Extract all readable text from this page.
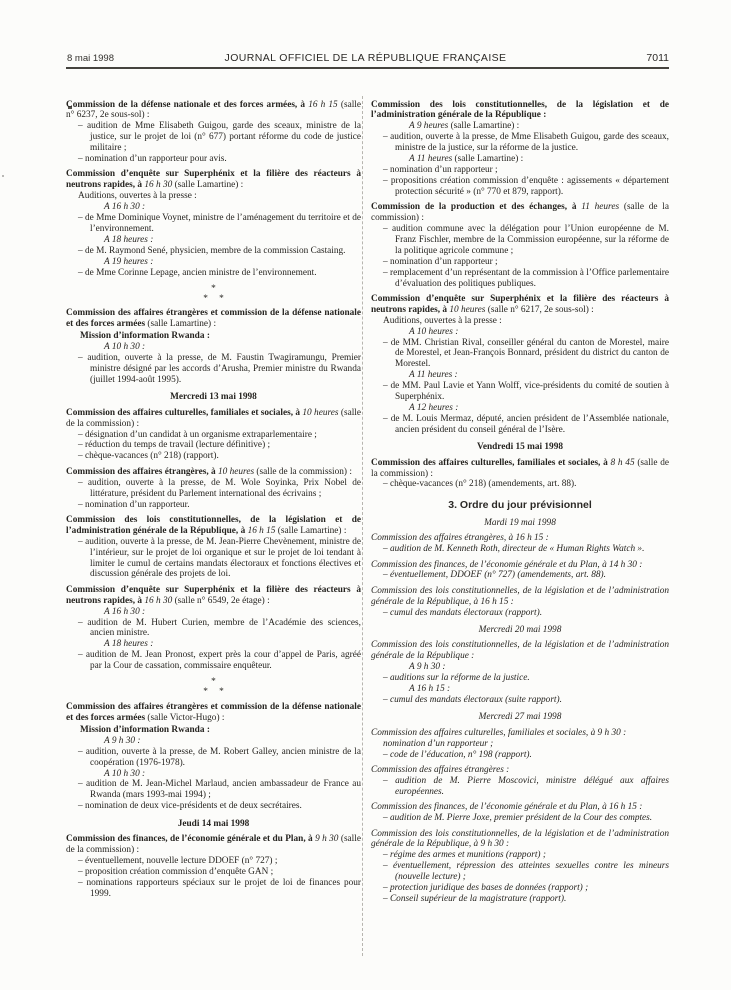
8 mai 1998	JOURNAL OFFICIEL DE LA RÉPUBLIQUE FRANÇAISE	7011
Commission de la défense nationale et des forces armées, à 16 h 15 (salle n° 6237, 2e sous-sol) :
– audition de Mme Elisabeth Guigou, garde des sceaux, ministre de la justice, sur le projet de loi (n° 677) portant réforme du code de justice militaire ;
– nomination d’un rapporteur pour avis.
Commission d’enquête sur Superphénix et la filière des réacteurs à neutrons rapides, à 16 h 30 (salle Lamartine) :
Auditions, ouvertes à la presse :
A 16 h 30 :
– de Mme Dominique Voynet, ministre de l’aménagement du territoire et de l’environnement.
A 18 heures :
– de M. Raymond Sené, physicien, membre de la commission Castaing.
A 19 heures :
– de Mme Corinne Lepage, ancien ministre de l’environnement.
*
* *
Commission des affaires étrangères et commission de la défense nationale et des forces armées (salle Lamartine) :
Mission d’information Rwanda :
A 10 h 30 :
– audition, ouverte à la presse, de M. Faustin Twagiramungu, Premier ministre désigné par les accords d’Arusha, Premier ministre du Rwanda (juillet 1994-août 1995).
Mercredi 13 mai 1998
Commission des affaires culturelles, familiales et sociales, à 10 heures (salle de la commission) :
– désignation d’un candidat à un organisme extraparlementaire ;
– réduction du temps de travail (lecture définitive) ;
– chèque-vacances (n° 218) (rapport).
Commission des affaires étrangères, à 10 heures (salle de la commission) :
– audition, ouverte à la presse, de M. Wole Soyinka, Prix Nobel de littérature, président du Parlement international des écrivains ;
– nomination d’un rapporteur.
Commission des lois constitutionnelles, de la législation et de l’administration générale de la République, à 16 h 15 (salle Lamartine) :
– audition, ouverte à la presse, de M. Jean-Pierre Chevènement, ministre de l’intérieur, sur le projet de loi organique et sur le projet de loi tendant à limiter le cumul de certains mandats électoraux et fonctions électives et discussion générale des projets de loi.
Commission d’enquête sur Superphénix et la filière des réacteurs à neutrons rapides, à 16 h 30 (salle n° 6549, 2e étage) :
A 16 h 30 :
– audition de M. Hubert Curien, membre de l’Académie des sciences, ancien ministre.
A 18 heures :
– audition de M. Jean Pronost, expert près la cour d’appel de Paris, agréé par la Cour de cassation, commissaire enquêteur.
*
* *
Commission des affaires étrangères et commission de la défense nationale et des forces armées (salle Victor-Hugo) :
Mission d’information Rwanda :
A 9 h 30 :
– audition, ouverte à la presse, de M. Robert Galley, ancien ministre de la coopération (1976-1978).
A 10 h 30 :
– audition de M. Jean-Michel Marlaud, ancien ambassadeur de France au Rwanda (mars 1993-mai 1994) ;
– nomination de deux vice-présidents et de deux secrétaires.
Jeudi 14 mai 1998
Commission des finances, de l’économie générale et du Plan, à 9 h 30 (salle de la commission) :
– éventuellement, nouvelle lecture DDOEF (n° 727) ;
– proposition création commission d’enquête GAN ;
– nominations rapporteurs spéciaux sur le projet de loi de finances pour 1999.
Commission des lois constitutionnelles, de la législation et de l’administration générale de la République :
A 9 heures (salle Lamartine) :
– audition, ouverte à la presse, de Mme Elisabeth Guigou, garde des sceaux, ministre de la justice, sur la réforme de la justice.
A 11 heures (salle Lamartine) :
– nomination d’un rapporteur ;
– propositions création commission d’enquête : agissements « département protection sécurité » (n° 770 et 879, rapport).
Commission de la production et des échanges, à 11 heures (salle de la commission) :
– audition commune avec la délégation pour l’Union européenne de M. Franz Fischler, membre de la Commission européenne, sur la réforme de la politique agricole commune ;
– nomination d’un rapporteur ;
– remplacement d’un représentant de la commission à l’Office parlementaire d’évaluation des politiques publiques.
Commission d’enquête sur Superphénix et la filière des réacteurs à neutrons rapides, à 10 heures (salle n° 6217, 2e sous-sol) :
Auditions, ouvertes à la presse :
A 10 heures :
– de MM. Christian Rival, conseiller général du canton de Morestel, maire de Morestel, et Jean-François Bonnard, président du district du canton de Morestel.
A 11 heures :
– de MM. Paul Lavie et Yann Wolff, vice-présidents du comité de soutien à Superphénix.
A 12 heures :
– de M. Louis Mermaz, député, ancien président de l’Assemblée nationale, ancien président du conseil général de l’Isère.
Vendredi 15 mai 1998
Commission des affaires culturelles, familiales et sociales, à 8 h 45 (salle de la commission) :
– chèque-vacances (n° 218) (amendements, art. 88).
3. Ordre du jour prévisionnel
Mardi 19 mai 1998
Commission des affaires étrangères, à 16 h 15 :
– audition de M. Kenneth Roth, directeur de « Human Rights Watch ».
Commission des finances, de l’économie générale et du Plan, à 14 h 30 :
– éventuellement, DDOEF (n° 727) (amendements, art. 88).
Commission des lois constitutionnelles, de la législation et de l’administration générale de la République, à 16 h 15 :
– cumul des mandats électoraux (rapport).
Mercredi 20 mai 1998
Commission des lois constitutionnelles, de la législation et de l’administration générale de la République :
A 9 h 30 :
– auditions sur la réforme de la justice.
A 16 h 15 :
– cumul des mandats électoraux (suite rapport).
Mercredi 27 mai 1998
Commission des affaires culturelles, familiales et sociales, à 9 h 30 :
nomination d’un rapporteur ;
– code de l’éducation, n° 198 (rapport).
Commission des affaires étrangères :
– audition de M. Pierre Moscovici, ministre délégué aux affaires européennes.
Commission des finances, de l’économie générale et du Plan, à 16 h 15 :
– audition de M. Pierre Joxe, premier président de la Cour des comptes.
Commission des lois constitutionnelles, de la législation et de l’administration générale de la République, à 9 h 30 :
– régime des armes et munitions (rapport) ;
– éventuellement, répression des atteintes sexuelles contre les mineurs (nouvelle lecture) ;
– protection juridique des bases de données (rapport) ;
– Conseil supérieur de la magistrature (rapport).
